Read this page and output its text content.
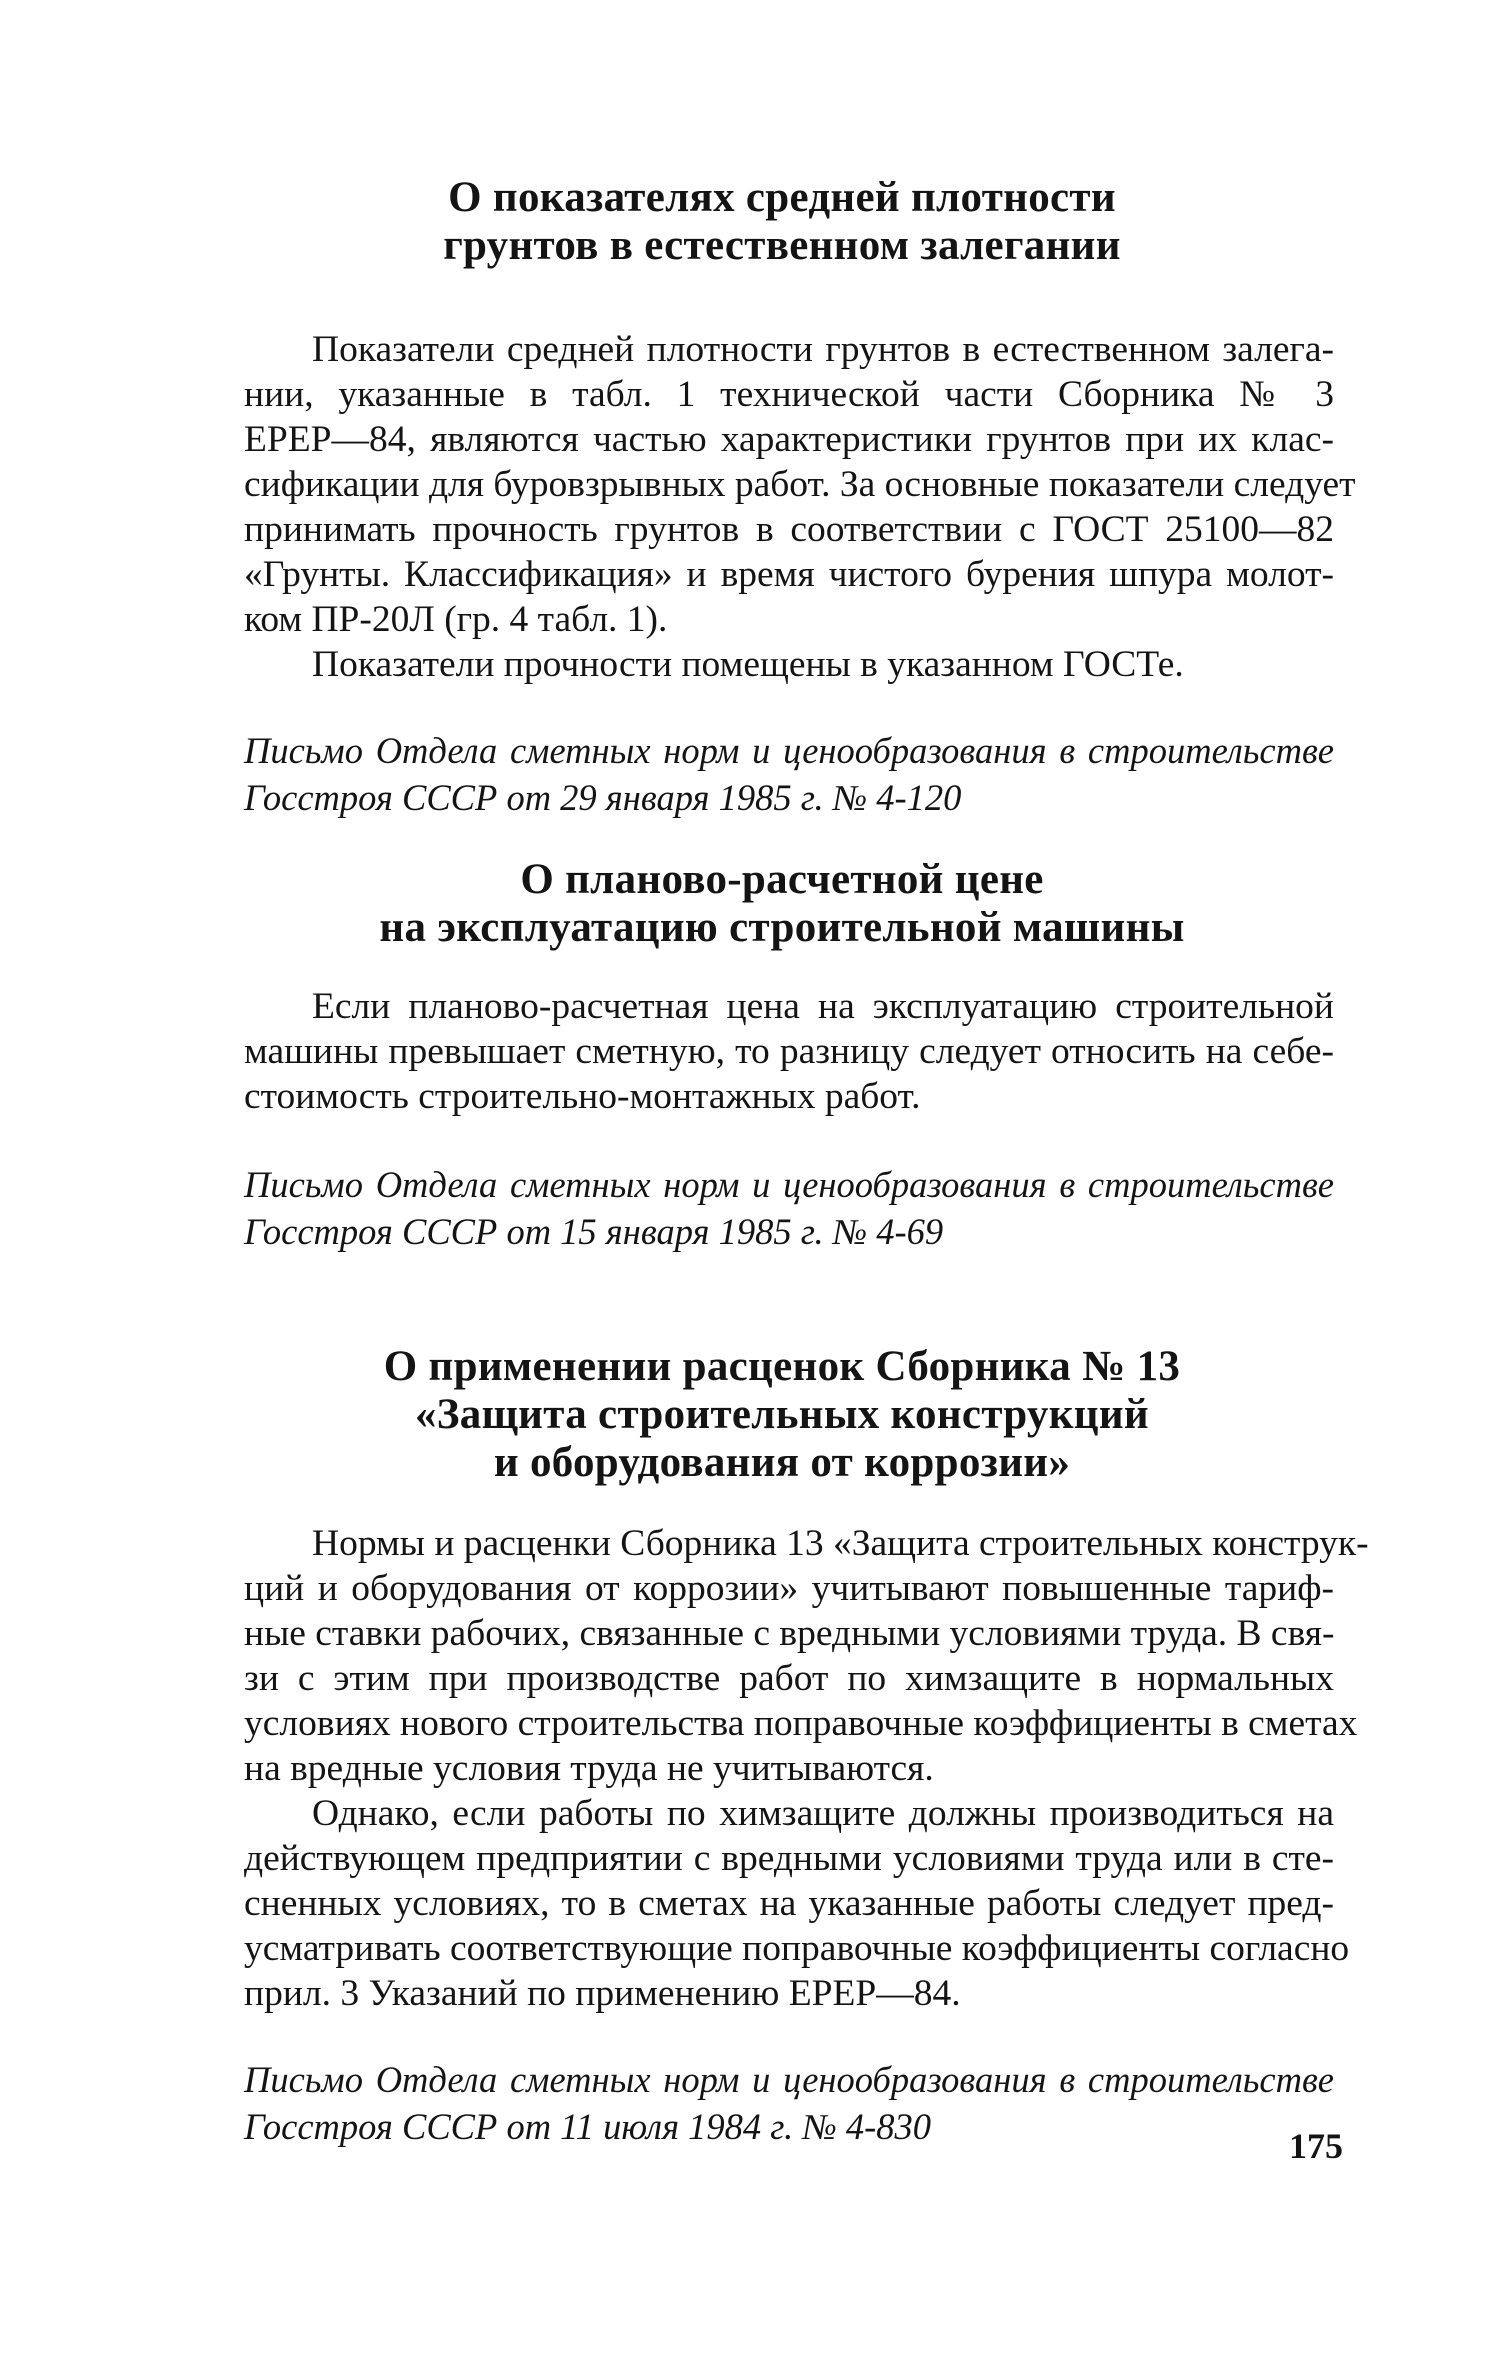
О показателях средней плотности
грунтов в естественном залегании

Показатели средней плотности грунтов в естественном залега-
нии, указанные в табл. 1 технической части Сборника № 3
ЕРЕР—84, являются частью характеристики грунтов при их клас-
сификации для буровзрывных работ. За основные показатели следует
принимать прочность грунтов в соответствии с ГОСТ 25100—82
«Грунты. Классификация» и время чистого бурения шпура молот-
ком ПР-20Л (гр. 4 табл. 1).

Показатели прочности помещены в указанном ГОСТе.

Письмо Отдела сметных норм и ценообразования в строительстве
Госстроя СССР от 29 января 1985 г. № 4-120
О планово-расчетной цене
на эксплуатацию строительной машины

Если планово-расчетная цена на эксплуатацию строительной
машины превышает сметную, то разницу следует относить на себе-
стоимость строительно-монтажных работ.

Письмо Отдела сметных норм и ценообразования в строительстве
Госстроя СССР от 15 января 1985 г. № 4-69
О применении расценок Сборника № 13
«Защита строительных конструкций
и оборудования от коррозии»

Нормы и расценки Сборника 13 «Защита строительных конструк-
ций и оборудования от коррозии» учитывают повышенные тариф-
ные ставки рабочих, связанные с вредными условиями труда. В свя-
зи с этим при производстве работ по химзащите в нормальных
условиях нового строительства поправочные коэффициенты в сметах
на вредные условия труда не учитываются.

Однако, если работы по химзащите должны производиться на
действующем предприятии с вредными условиями труда или в сте-
сненных условиях, то в сметах на указанные работы следует пред-
усматривать соответствующие поправочные коэффициенты согласно
прил. 3 Указаний по применению ЕРЕР—84.

Письмо Отдела сметных норм и ценообразования в строительстве
Госстроя СССР от 11 июля 1984 г. № 4-830	175
